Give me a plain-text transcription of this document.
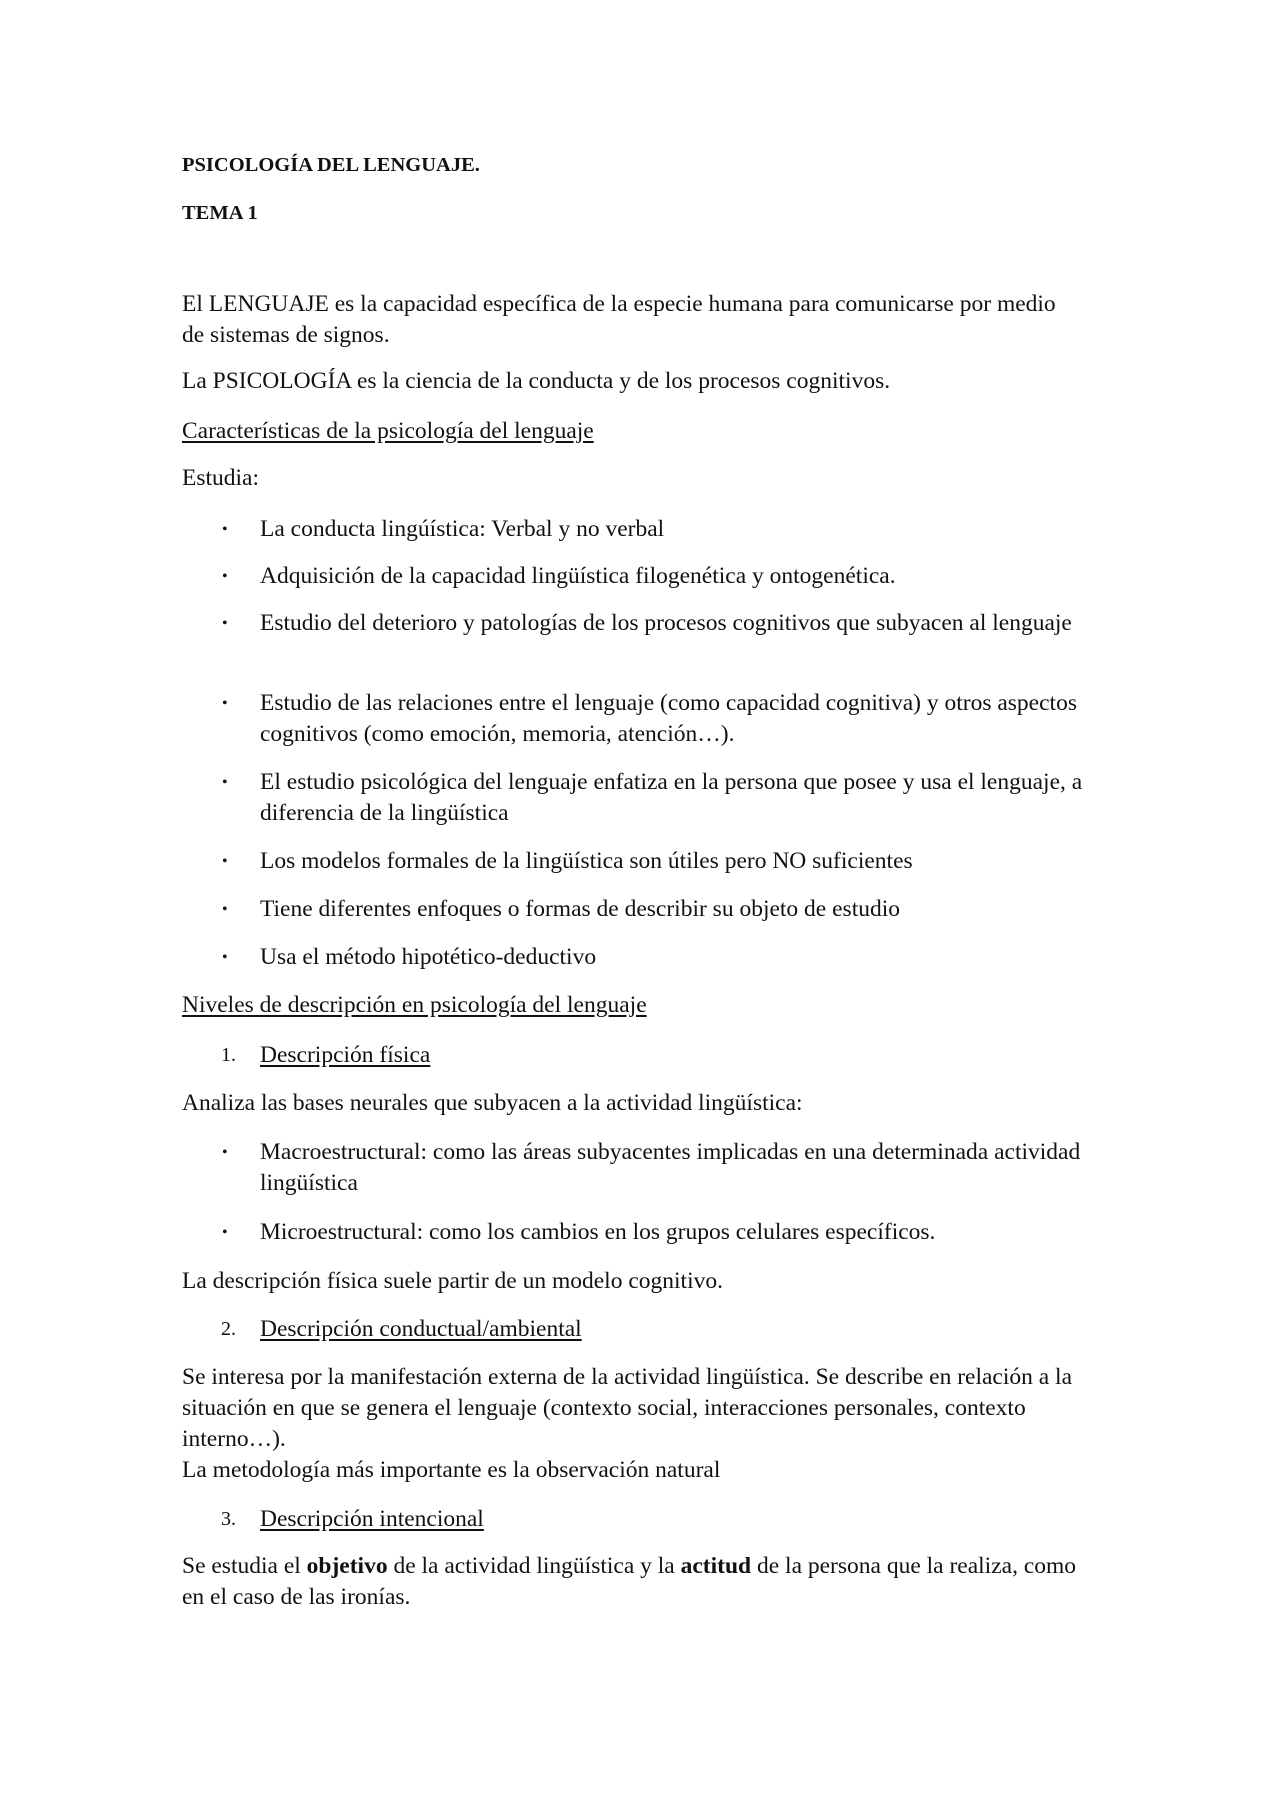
PSICOLOGÍA DEL LENGUAJE.

TEMA 1

El LENGUAJE es la capacidad específica de la especie humana para comunicarse por medio de sistemas de signos.

La PSICOLOGÍA es la ciencia de la conducta y de los procesos cognitivos.

Características de la psicología del lenguaje

Estudia:

• La conducta lingúística: Verbal y no verbal

• Adquisición de la capacidad lingüística filogenética y ontogenética.

• Estudio del deterioro y patologías de los procesos cognitivos que subyacen al lenguaje

• Estudio de las relaciones entre el lenguaje (como capacidad cognitiva) y otros aspectos cognitivos (como emoción, memoria, atención…).

• El estudio psicológica del lenguaje enfatiza en la persona que posee y usa el lenguaje, a diferencia de la lingüística

• Los modelos formales de la lingüística son útiles pero NO suficientes

• Tiene diferentes enfoques o formas de describir su objeto de estudio

• Usa el método hipotético-deductivo

Niveles de descripción en psicología del lenguaje

1. Descripción física

Analiza las bases neurales que subyacen a la actividad lingüística:

• Macroestructural: como las áreas subyacentes implicadas en una determinada actividad lingüística

• Microestructural: como los cambios en los grupos celulares específicos.

La descripción física suele partir de un modelo cognitivo.

2. Descripción conductual/ambiental

Se interesa por la manifestación externa de la actividad lingüística. Se describe en relación a la situación en que se genera el lenguaje (contexto social, interacciones personales, contexto interno…).

La metodología más importante es la observación natural

3. Descripción intencional

Se estudia el objetivo de la actividad lingüística y la actitud de la persona que la realiza, como en el caso de las ironías.
